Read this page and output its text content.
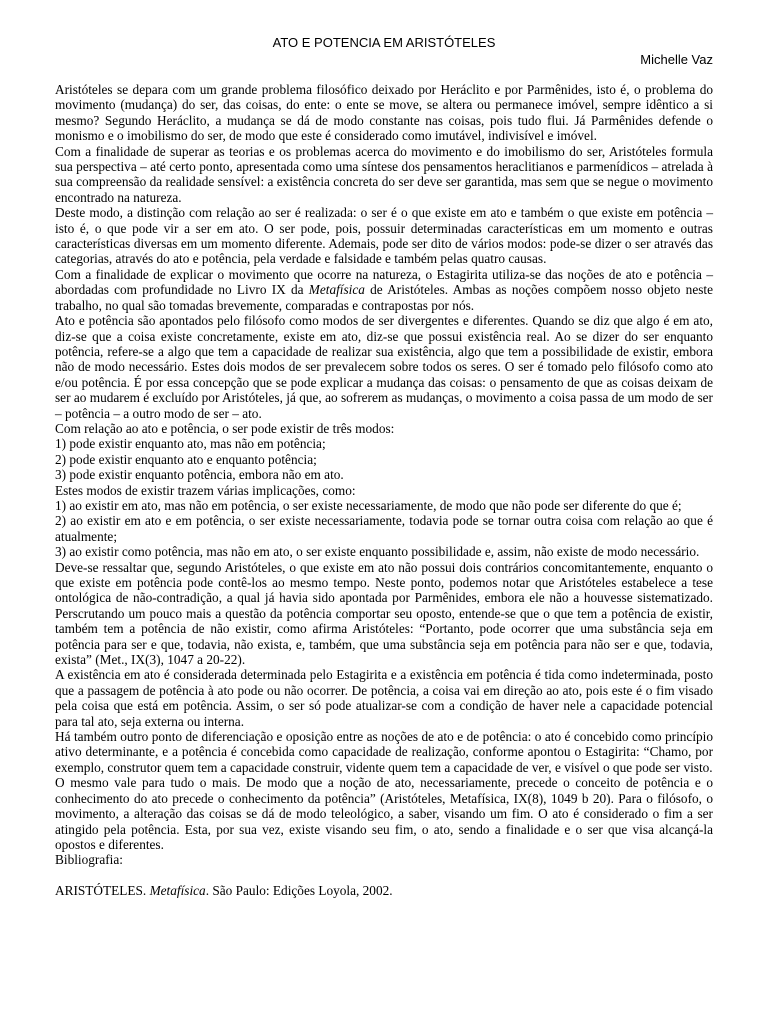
ATO E POTENCIA EM ARISTÓTELES
Michelle Vaz

Aristóteles se depara com um grande problema filosófico deixado por Heráclito e por Parmênides, isto é, o problema do movimento (mudança) do ser, das coisas, do ente: o ente se move, se altera ou permanece imóvel, sempre idêntico a si mesmo? Segundo Heráclito, a mudança se dá de modo constante nas coisas, pois tudo flui. Já Parmênides defende o monismo e o imobilismo do ser, de modo que este é considerado como imutável, indivisível e imóvel.

Com a finalidade de superar as teorias e os problemas acerca do movimento e do imobilismo do ser, Aristóteles formula sua perspectiva – até certo ponto, apresentada como uma síntese dos pensamentos heraclitianos e parmenídicos – atrelada à sua compreensão da realidade sensível: a existência concreta do ser deve ser garantida, mas sem que se negue o movimento encontrado na natureza.

Deste modo, a distinção com relação ao ser é realizada: o ser é o que existe em ato e também o que existe em potência – isto é, o que pode vir a ser em ato. O ser pode, pois, possuir determinadas características em um momento e outras características diversas em um momento diferente. Ademais, pode ser dito de vários modos: pode-se dizer o ser através das categorias, através do ato e potência, pela verdade e falsidade e também pelas quatro causas.

Com a finalidade de explicar o movimento que ocorre na natureza, o Estagirita utiliza-se das noções de ato e potência – abordadas com profundidade no Livro IX da Metafísica de Aristóteles. Ambas as noções compõem nosso objeto neste trabalho, no qual são tomadas brevemente, comparadas e contrapostas por nós.

Ato e potência são apontados pelo filósofo como modos de ser divergentes e diferentes. Quando se diz que algo é em ato, diz-se que a coisa existe concretamente, existe em ato, diz-se que possui existência real. Ao se dizer do ser enquanto potência, refere-se a algo que tem a capacidade de realizar sua existência, algo que tem a possibilidade de existir, embora não de modo necessário. Estes dois modos de ser prevalecem sobre todos os seres. O ser é tomado pelo filósofo como ato e/ou potência. É por essa concepção que se pode explicar a mudança das coisas: o pensamento de que as coisas deixam de ser ao mudarem é excluído por Aristóteles, já que, ao sofrerem as mudanças, o movimento a coisa passa de um modo de ser – potência – a outro modo de ser – ato.

Com relação ao ato e potência, o ser pode existir de três modos:

1) pode existir enquanto ato, mas não em potência;

2) pode existir enquanto ato e enquanto potência;

3) pode existir enquanto potência, embora não em ato.

Estes modos de existir trazem várias implicações, como:

1) ao existir em ato, mas não em potência, o ser existe necessariamente, de modo que não pode ser diferente do que é;

2) ao existir em ato e em potência, o ser existe necessariamente, todavia pode se tornar outra coisa com relação ao que é atualmente;

3) ao existir como potência, mas não em ato, o ser existe enquanto possibilidade e, assim, não existe de modo necessário.

Deve-se ressaltar que, segundo Aristóteles, o que existe em ato não possui dois contrários concomitantemente, enquanto o que existe em potência pode contê-los ao mesmo tempo. Neste ponto, podemos notar que Aristóteles estabelece a tese ontológica de não-contradição, a qual já havia sido apontada por Parmênides, embora ele não a houvesse sistematizado. Perscrutando um pouco mais a questão da potência comportar seu oposto, entende-se que o que tem a potência de existir, também tem a potência de não existir, como afirma Aristóteles: “Portanto, pode ocorrer que uma substância seja em potência para ser e que, todavia, não exista, e, também, que uma substância seja em potência para não ser e que, todavia, exista” (Met., IX(3), 1047 a 20-22).

A existência em ato é considerada determinada pelo Estagirita e a existência em potência é tida como indeterminada, posto que a passagem de potência à ato pode ou não ocorrer. De potência, a coisa vai em direção ao ato, pois este é o fim visado pela coisa que está em potência. Assim, o ser só pode atualizar-se com a condição de haver nele a capacidade potencial para tal ato, seja externa ou interna.

Há também outro ponto de diferenciação e oposição entre as noções de ato e de potência: o ato é concebido como princípio ativo determinante, e a potência é concebida como capacidade de realização, conforme apontou o Estagirita: “Chamo, por exemplo, construtor quem tem a capacidade construir, vidente quem tem a capacidade de ver, e visível o que pode ser visto.

O mesmo vale para tudo o mais. De modo que a noção de ato, necessariamente, precede o conceito de potência e o conhecimento do ato precede o conhecimento da potência” (Aristóteles, Metafísica, IX(8), 1049 b 20). Para o filósofo, o movimento, a alteração das coisas se dá de modo teleológico, a saber, visando um fim. O ato é considerado o fim a ser atingido pela potência. Esta, por sua vez, existe visando seu fim, o ato, sendo a finalidade e o ser que visa alcançá-la opostos e diferentes.

Bibliografia:

ARISTÓTELES. Metafísica. São Paulo: Edições Loyola, 2002.
